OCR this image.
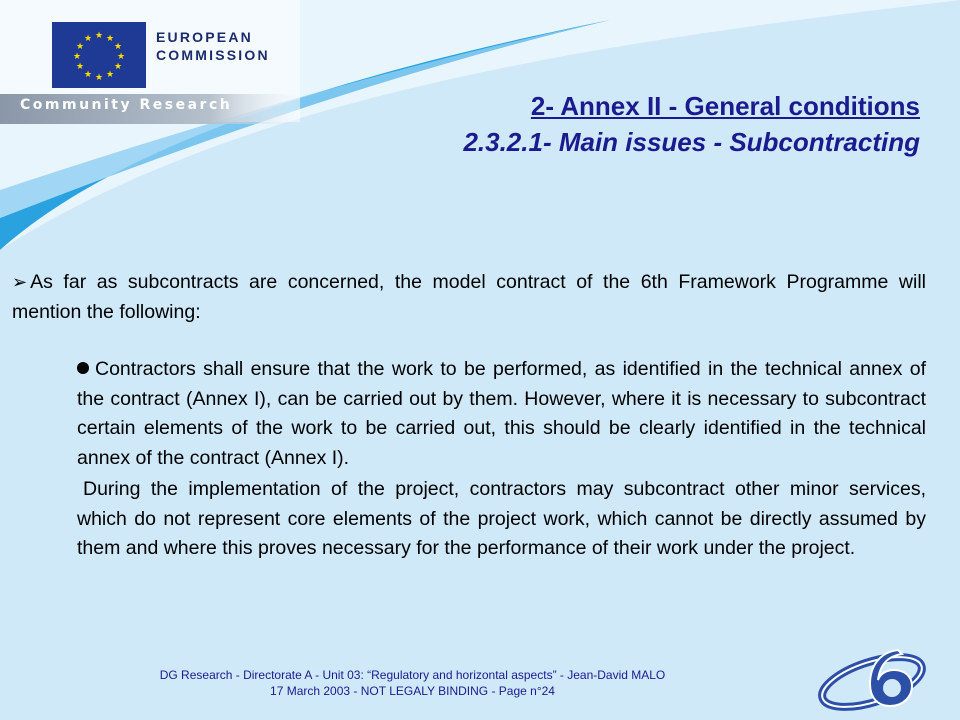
★ ★
★
★
★
★
★
★
★
★
★
★	EUROPEAN
COMMISSION
Community Research	2- Annex II - General conditions

2.3.2.1- Main issues - Subcontracting

➢ As far as subcontracts are concerned, the model contract of the 6th Framework Programme will mention the following:

Contractors shall ensure that the work to be performed, as identified in the technical annex of the contract (Annex I), can be carried out by them. However, where it is necessary to subcontract certain elements of the work to be carried out, this should be clearly identified in the technical annex of the contract (Annex I).

During the implementation of the project, contractors may subcontract other minor services, which do not represent core elements of the project work, which cannot be directly assumed by them and where this proves necessary for the performance of their work under the project.

DG Research - Directorate A - Unit 03: “Regulatory and horizontal aspects” - Jean-David MALO
17 March 2003 - NOT LEGALY BINDING - Page n°24
